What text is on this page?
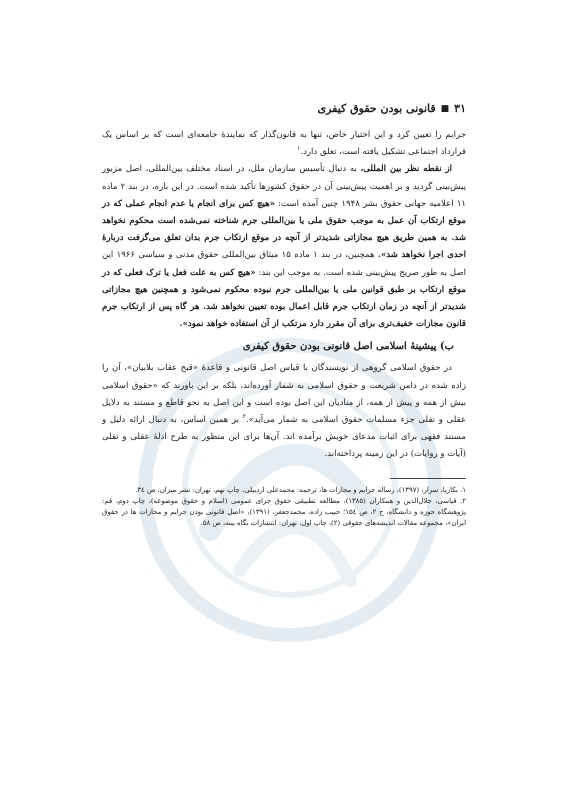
۳۱
■
قانونی بودن حقوق کیفری

جرایم را تعیین کرد و این اختیار خاص، تنها به قانون‌گذار که نمایندهٔ جامعه‌ای است که بر اساس یک قرارداد اجتماعی تشکیل یافته است، تعلق دارد.$^۱$

از نقطه نظر بین المللی، به دنبال تأسیس سازمان ملل، در اسناد مختلف بین‌المللی، اصل مزبور پیش‌بینی گردید و بر اهمیت پیش‌بینی آن در حقوق کشورها تأکید شده است. در این باره، در بند ۲ ماده ۱۱ اعلامیه جهانی حقوق بشر ۱۹۴۸ چنین آمده است: «هیچ کس برای انجام یا عدم انجام عملی که در موقع ارتکاب آن عمل به موجب حقوق ملی یا بین‌المللی جرم شناخته نمی‌شده است محکوم نخواهد شد. به همین طریق هیچ مجازاتی شدیدتر از آنچه در موقع ارتکاب جرم بدان تعلق می‌گرفت دربارهٔ احدی اجرا نخواهد شد». همچنین، در بند ۱ ماده ۱۵ میثاق بین‌المللی حقوق مدنی و سیاسی ۱۹۶۶ این اصل به طور صریح پیش‌بینی شده است. به موجب این بند: «هیچ کس به علت فعل یا ترک فعلی که در موقع ارتکاب بر طبق قوانین ملی یا بین‌المللی جرم نبوده محکوم نمی‌شود و همچنین هیچ مجازاتی شدیدتر از آنچه در زمان ارتکاب جرم قابل اعمال بوده تعیین نخواهد شد. هر گاه پس از ارتکاب جرم قانون مجازات خفیف‌تری برای آن مقرر دارد مرتکب از آن استفاده خواهد نمود».

ب) پیشینهٔ اسلامی اصل قانونی بودن حقوق کیفری

در حقوق اسلامی گروهی از نویسندگان با قیاس اصل قانونی و قاعدهٔ «قبح عقاب بلابیان»، آن را زاده شده در دامن شریعت و حقوق اسلامی به شمار آورده‌اند، بلکه بر این باورند که «حقوق اسلامی بیش از همه و پیش از همه، از منادیان این اصل بوده است و این اصل به نحو قاطع و مستند به دلایل عقلی و نقلی جزء مسلمات حقوق اسلامی به شمار می‌آید».$^۲$ بر همین اساس، به دنبال ارائه دلیل و مستند فقهی برای اثبات مدعای خویش برآمده اند. آن‌ها برای این منظور به طرح ادلهٔ عقلی و نقلی (آیات و روایات) در این زمینه پرداخته‌اند.

۱. بکاریا، سزار، (۱۳۹۷)، رساله جرایم و مجازات ها، ترجمه: محمدعلی اردبیلی، چاپ نهم، تهران: نشر میزان، ص ۳٤.

۲. قیاسی، جلال‌الدین و همکاران (۱۳۸۵)، مطالعه تطبیقی حقوق جزای عمومی (اسلام و حقوق موضوعه)، چاپ دوم، قم: پژوهشگاه حوزه و دانشگاه، ج ۲، ص ۱۵٤؛ حبیب زاده، محمدجعفر، (۱۳۹۱)، «اصل قانونی بودن جرایم و مجازات ها در حقوق ایران»، مجموعه مقالات اندیشه‌های حقوقی (۲)، چاپ اول، تهران: انتشارات نگاه بینه، ص ۵۸.
